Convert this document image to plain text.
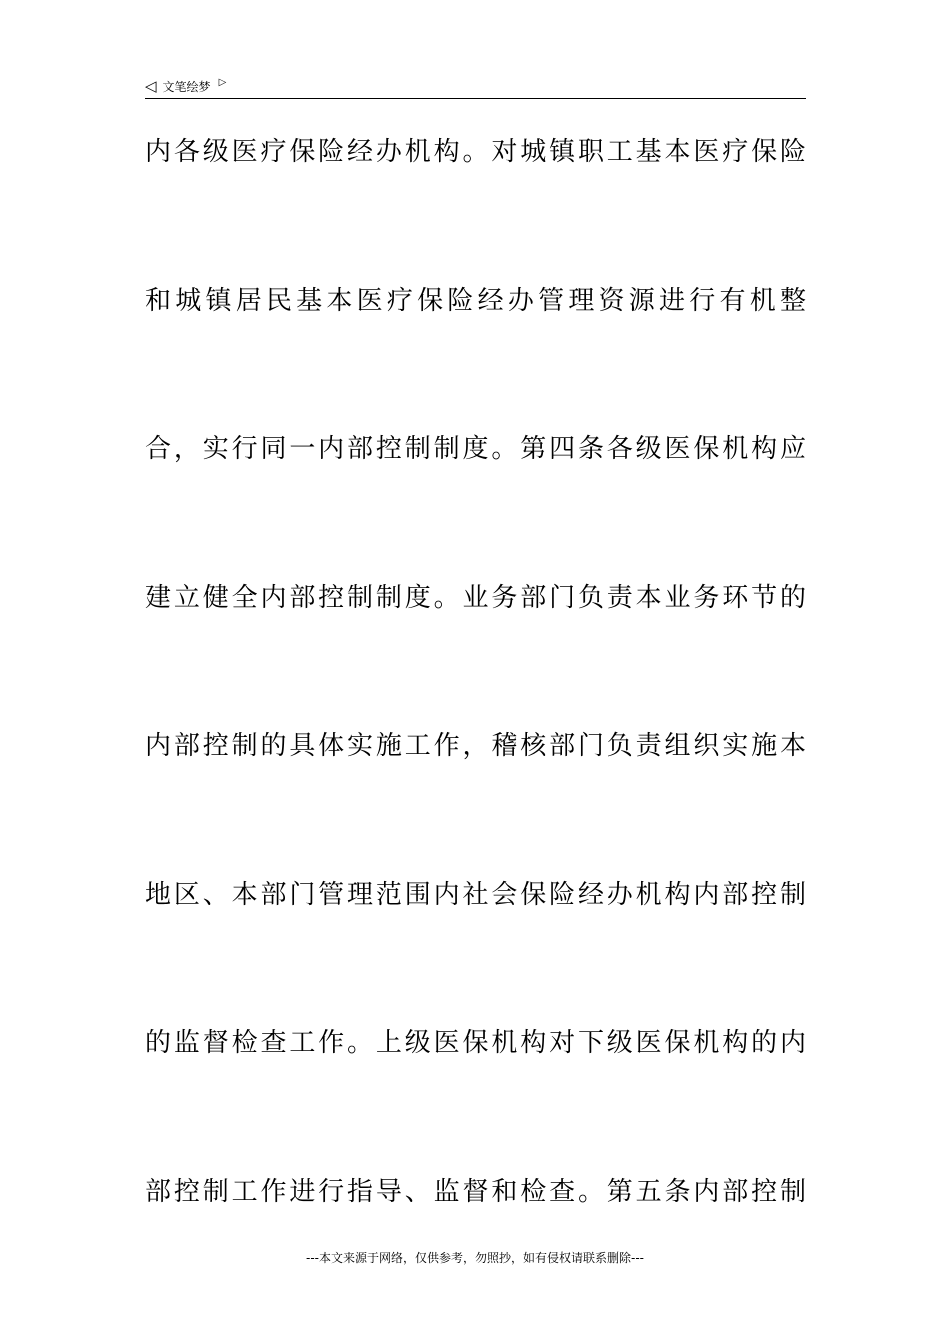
◁ 文笔绘梦 ▷
内各级医疗保险经办机构。对城镇职工基本医疗保险
和城镇居民基本医疗保险经办管理资源进行有机整
合，实行同一内部控制制度。第四条各级医保机构应
建立健全内部控制制度。业务部门负责本业务环节的
内部控制的具体实施工作，稽核部门负责组织实施本
地区、本部门管理范围内社会保险经办机构内部控制
的监督检查工作。上级医保机构对下级医保机构的内
部控制工作进行指导、监督和检查。第五条内部控制
---本文来源于网络，仅供参考，勿照抄，如有侵权请联系删除---
